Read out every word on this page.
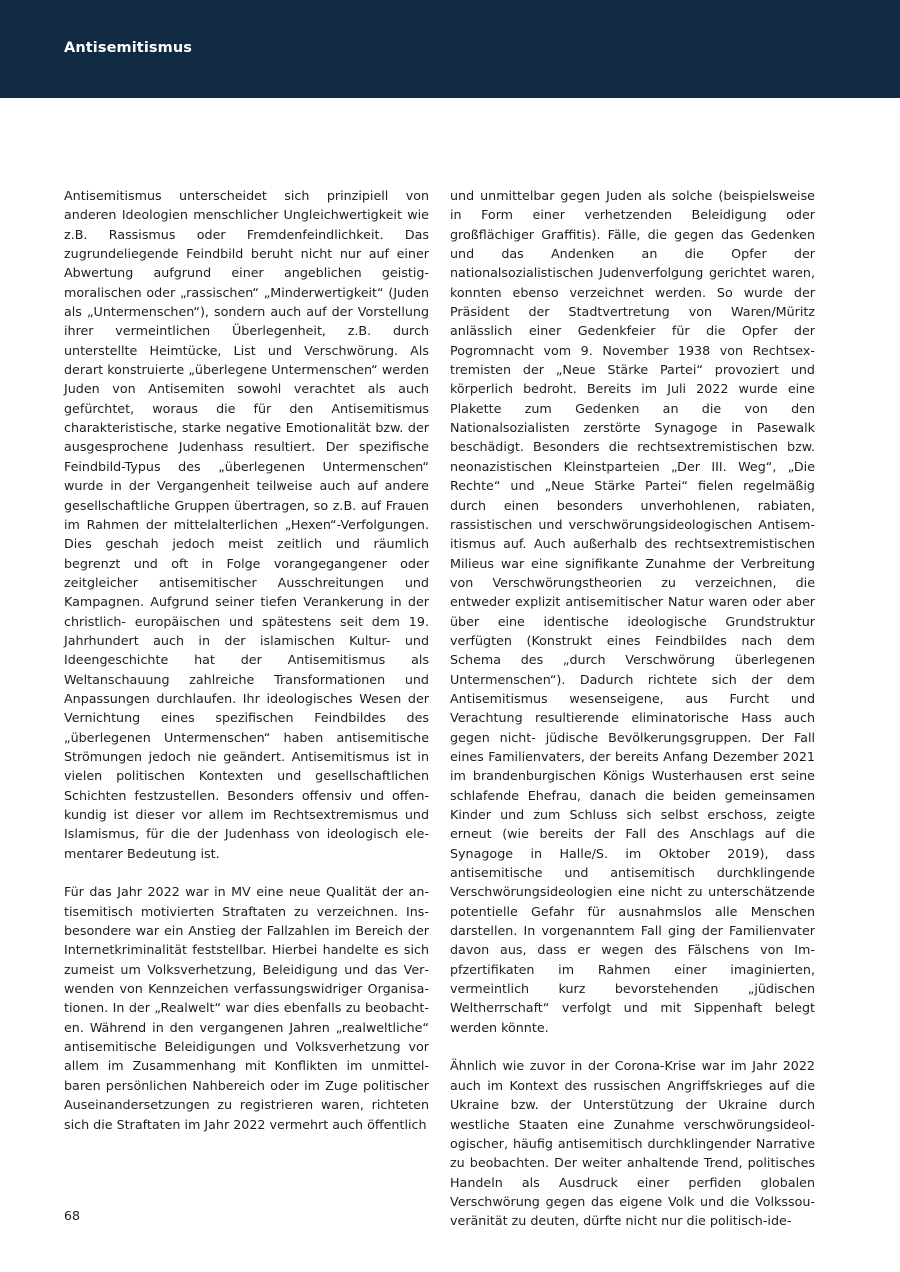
Antisemitismus

Antisemitismus unterscheidet sich prinzipiell von anderen Ideologien menschlicher Ungleichwertigkeit wie z.B. Rassismus oder Fremdenfeindlichkeit. Das zugrundeliegende Feindbild beruht nicht nur auf einer Abwertung aufgrund einer angeblichen geistig-moralischen oder „rassischen“ „Minderwertigkeit“ (Juden als „Untermenschen“), sondern auch auf der Vorstellung ihrer vermeintlichen Überlegenheit, z.B. durch unterstellte Heimtücke, List und Verschwörung. Als derart konstruierte „überlegene Untermenschen“ werden Juden von Antisemiten sowohl verachtet als auch gefürchtet, woraus die für den Antisemitismus charakteristische, starke negative Emotionalität bzw. der ausgesprochene Judenhass resultiert. Der spezifische Feindbild-Typus des „überlegenen Untermenschen“ wurde in der Vergangenheit teilweise auch auf andere gesellschaftliche Gruppen übertragen, so z.B. auf Frauen im Rahmen der mittelalterlichen „Hexen“-Verfolgungen. Dies geschah jedoch meist zeitlich und räumlich begrenzt und oft in Folge vorangegangener oder zeitgleicher antisemitischer Ausschreitungen und Kampagnen. Aufgrund seiner tiefen Verankerung in der christlich- europäischen und spätestens seit dem 19. Jahrhundert auch in der islamischen Kultur- und Ideengeschichte hat der Antisemitismus als Weltanschauung zahlreiche Transformationen und Anpassungen durchlaufen. Ihr ideologisches Wesen der Vernichtung eines spezifischen Feindbildes des „überlegenen Untermenschen“ haben antisemitische Strömungen jedoch nie geändert. Antisemitismus ist in vielen politischen Kontexten und gesellschaftlichen Schichten festzustellen. Besonders offensiv und offenkundig ist dieser vor allem im Rechtsextremismus und Islamismus, für die der Judenhass von ideologisch elementarer Bedeutung ist.

Für das Jahr 2022 war in MV eine neue Qualität der antisemitisch motivierten Straftaten zu verzeichnen. Insbesondere war ein Anstieg der Fallzahlen im Bereich der Internetkriminalität feststellbar. Hierbei handelte es sich zumeist um Volksverhetzung, Beleidigung und das Verwenden von Kennzeichen verfassungswidriger Organisationen. In der „Realwelt“ war dies ebenfalls zu beobachten. Während in den vergangenen Jahren „realweltliche“ antisemitische Beleidigungen und Volksverhetzung vor allem im Zusammenhang mit Konflikten im unmittelbaren persönlichen Nahbereich oder im Zuge politischer Auseinandersetzungen zu registrieren waren, richteten sich die Straftaten im Jahr 2022 vermehrt auch öffentlich

und unmittelbar gegen Juden als solche (beispielsweise in Form einer verhetzenden Beleidigung oder großflächiger Graffitis). Fälle, die gegen das Gedenken und das Andenken an die Opfer der nationalsozialistischen Judenverfolgung gerichtet waren, konnten ebenso verzeichnet werden. So wurde der Präsident der Stadtvertretung von Waren/Müritz anlässlich einer Gedenkfeier für die Opfer der Pogromnacht vom 9. November 1938 von Rechtsextremisten der „Neue Stärke Partei“ provoziert und körperlich bedroht. Bereits im Juli 2022 wurde eine Plakette zum Gedenken an die von den Nationalsozialisten zerstörte Synagoge in Pasewalk beschädigt. Besonders die rechtsextremistischen bzw. neonazistischen Kleinstparteien „Der III. Weg“, „Die Rechte“ und „Neue Stärke Partei“ fielen regelmäßig durch einen besonders unverhohlenen, rabiaten, rassistischen und verschwörungsideologischen Antisemitismus auf. Auch außerhalb des rechtsextremistischen Milieus war eine signifikante Zunahme der Verbreitung von Verschwörungstheorien zu verzeichnen, die entweder explizit antisemitischer Natur waren oder aber über eine identische ideologische Grundstruktur verfügten (Konstrukt eines Feindbildes nach dem Schema des „durch Verschwörung überlegenen Untermenschen“). Dadurch richtete sich der dem Antisemitismus wesenseigene, aus Furcht und Verachtung resultierende eliminatorische Hass auch gegen nicht- jüdische Bevölkerungsgruppen. Der Fall eines Familienvaters, der bereits Anfang Dezember 2021 im brandenburgischen Königs Wusterhausen erst seine schlafende Ehefrau, danach die beiden gemeinsamen Kinder und zum Schluss sich selbst erschoss, zeigte erneut (wie bereits der Fall des Anschlags auf die Synagoge in Halle/S. im Oktober 2019), dass antisemitische und antisemitisch durchklingende Verschwörungsideologien eine nicht zu unterschätzende potentielle Gefahr für ausnahmslos alle Menschen darstellen. In vorgenanntem Fall ging der Familienvater davon aus, dass er wegen des Fälschens von Impfzertifikaten im Rahmen einer imaginierten, vermeintlich kurz bevorstehenden „jüdischen Weltherrschaft“ verfolgt und mit Sippenhaft belegt werden könnte.

Ähnlich wie zuvor in der Corona-Krise war im Jahr 2022 auch im Kontext des russischen Angriffskrieges auf die Ukraine bzw. der Unterstützung der Ukraine durch westliche Staaten eine Zunahme verschwörungsideologischer, häufig antisemitisch durchklingender Narrative zu beobachten. Der weiter anhaltende Trend, politisches Handeln als Ausdruck einer perfiden globalen Verschwörung gegen das eigene Volk und die Volkssouveränität zu deuten, dürfte nicht nur die politisch-ide-

68
